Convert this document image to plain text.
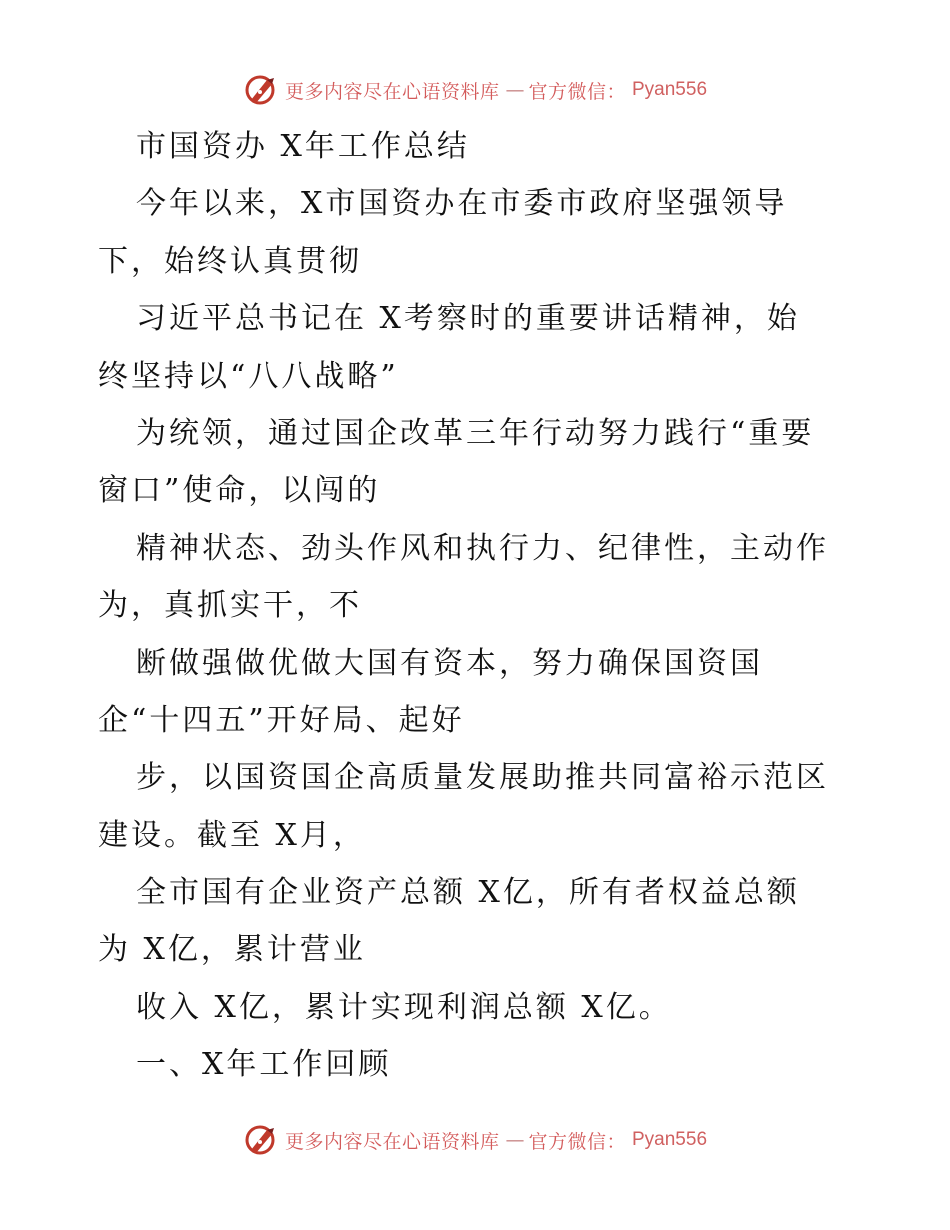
更多内容尽在心语资料库 — 官方微信： Pyan556
市国资办 X年工作总结
今年以来，X市国资办在市委市政府坚强领导
下，始终认真贯彻
习近平总书记在 X考察时的重要讲话精神，始
终坚持以“八八战略”
为统领，通过国企改革三年行动努力践行“重要
窗口”使命，以闯的
精神状态、劲头作风和执行力、纪律性，主动作
为，真抓实干，不
断做强做优做大国有资本，努力确保国资国
企“十四五”开好局、起好
步，以国资国企高质量发展助推共同富裕示范区
建设。截至 X月，
全市国有企业资产总额 X亿，所有者权益总额
为 X亿，累计营业
收入 X亿，累计实现利润总额 X亿。
一、X年工作回顾
更多内容尽在心语资料库 — 官方微信： Pyan556
